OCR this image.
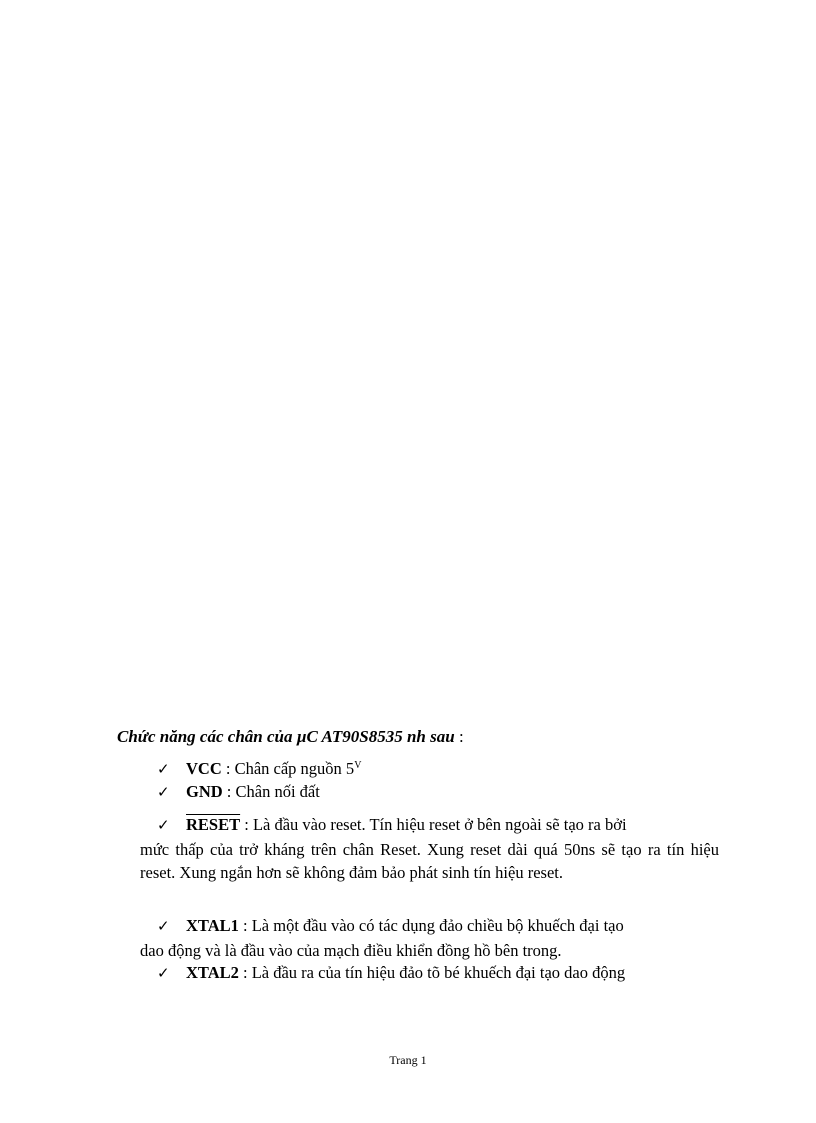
Chức năng các chân của µC AT90S8535 nh sau :
✓ VCC : Chân cấp nguồn $5^V$
✓ GND : Chân nối đất
✓ RESET : Là đầu vào reset. Tín hiệu reset ở bên ngoài sẽ tạo ra bởi
mức thấp của trở kháng trên chân Reset. Xung reset dài quá 50ns sẽ tạo ra tín hiệu reset. Xung ngắn hơn sẽ không đảm bảo phát sinh tín hiệu reset.
✓ XTAL1 : Là một đầu vào có tác dụng đảo chiều bộ khuếch đại tạo
dao động và là đầu vào của mạch điều khiển đồng hồ bên trong.
✓ XTAL2 : Là đầu ra của tín hiệu đảo tõ bé khuếch đại tạo dao động
Trang 1
